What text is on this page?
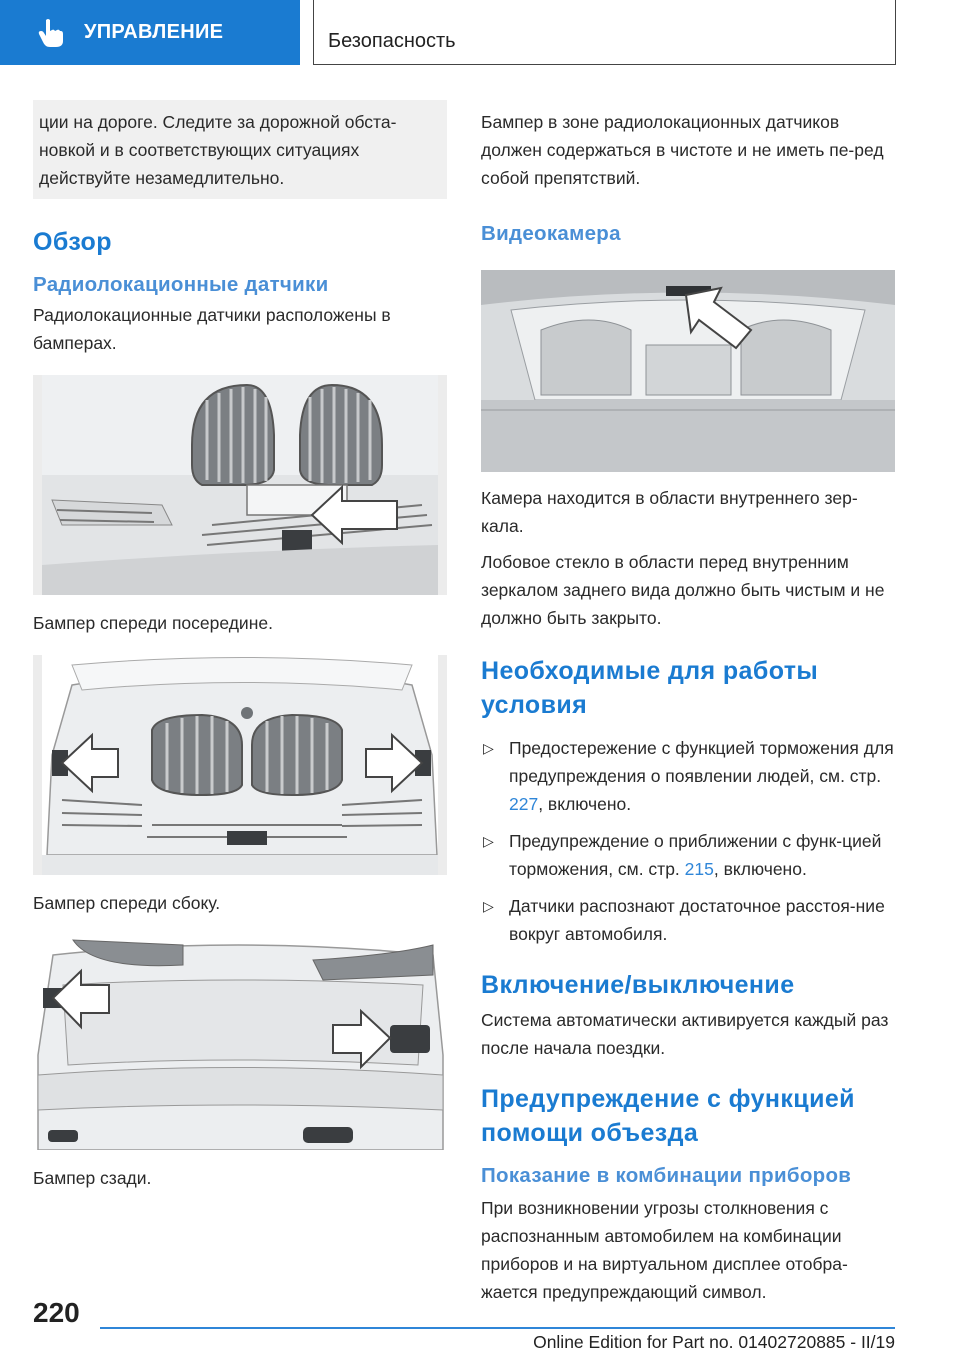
УПРАВЛЕНИЕ	Безопасность

ции на дороге. Следите за дорожной обста-новкой и в соответствующих ситуациях действуйте незамедлительно.

Обзор
Радиолокационные датчики

Радиолокационные датчики расположены в бамперах.

Бампер спереди посередине.

Бампер спереди сбоку.

Бампер сзади.

Бампер в зоне радиолокационных датчиков должен содержаться в чистоте и не иметь пе-ред собой препятствий.

Видеокамера

Камера находится в области внутреннего зер-кала.

Лобовое стекло в области перед внутренним зеркалом заднего вида должно быть чистым и не должно быть закрыто.

Необходимые для работы условия
▷ Предостережение с функцией торможения для предупреждения о появлении людей, см. стр. 227, включено.
▷ Предупреждение о приближении с функ-цией торможения, см. стр. 215, включено.
▷ Датчики распознают достаточное расстоя-ние вокруг автомобиля.
Включение/выключение

Система автоматически активируется каждый раз после начала поездки.

Предупреждение с функцией помощи объезда
Показание в комбинации приборов

При возникновении угрозы столкновения с распознанным автомобилем на комбинации приборов и на виртуальном дисплее отобра-жается предупреждающий символ.

220
Online Edition for Part no. 01402720885 - II/19
